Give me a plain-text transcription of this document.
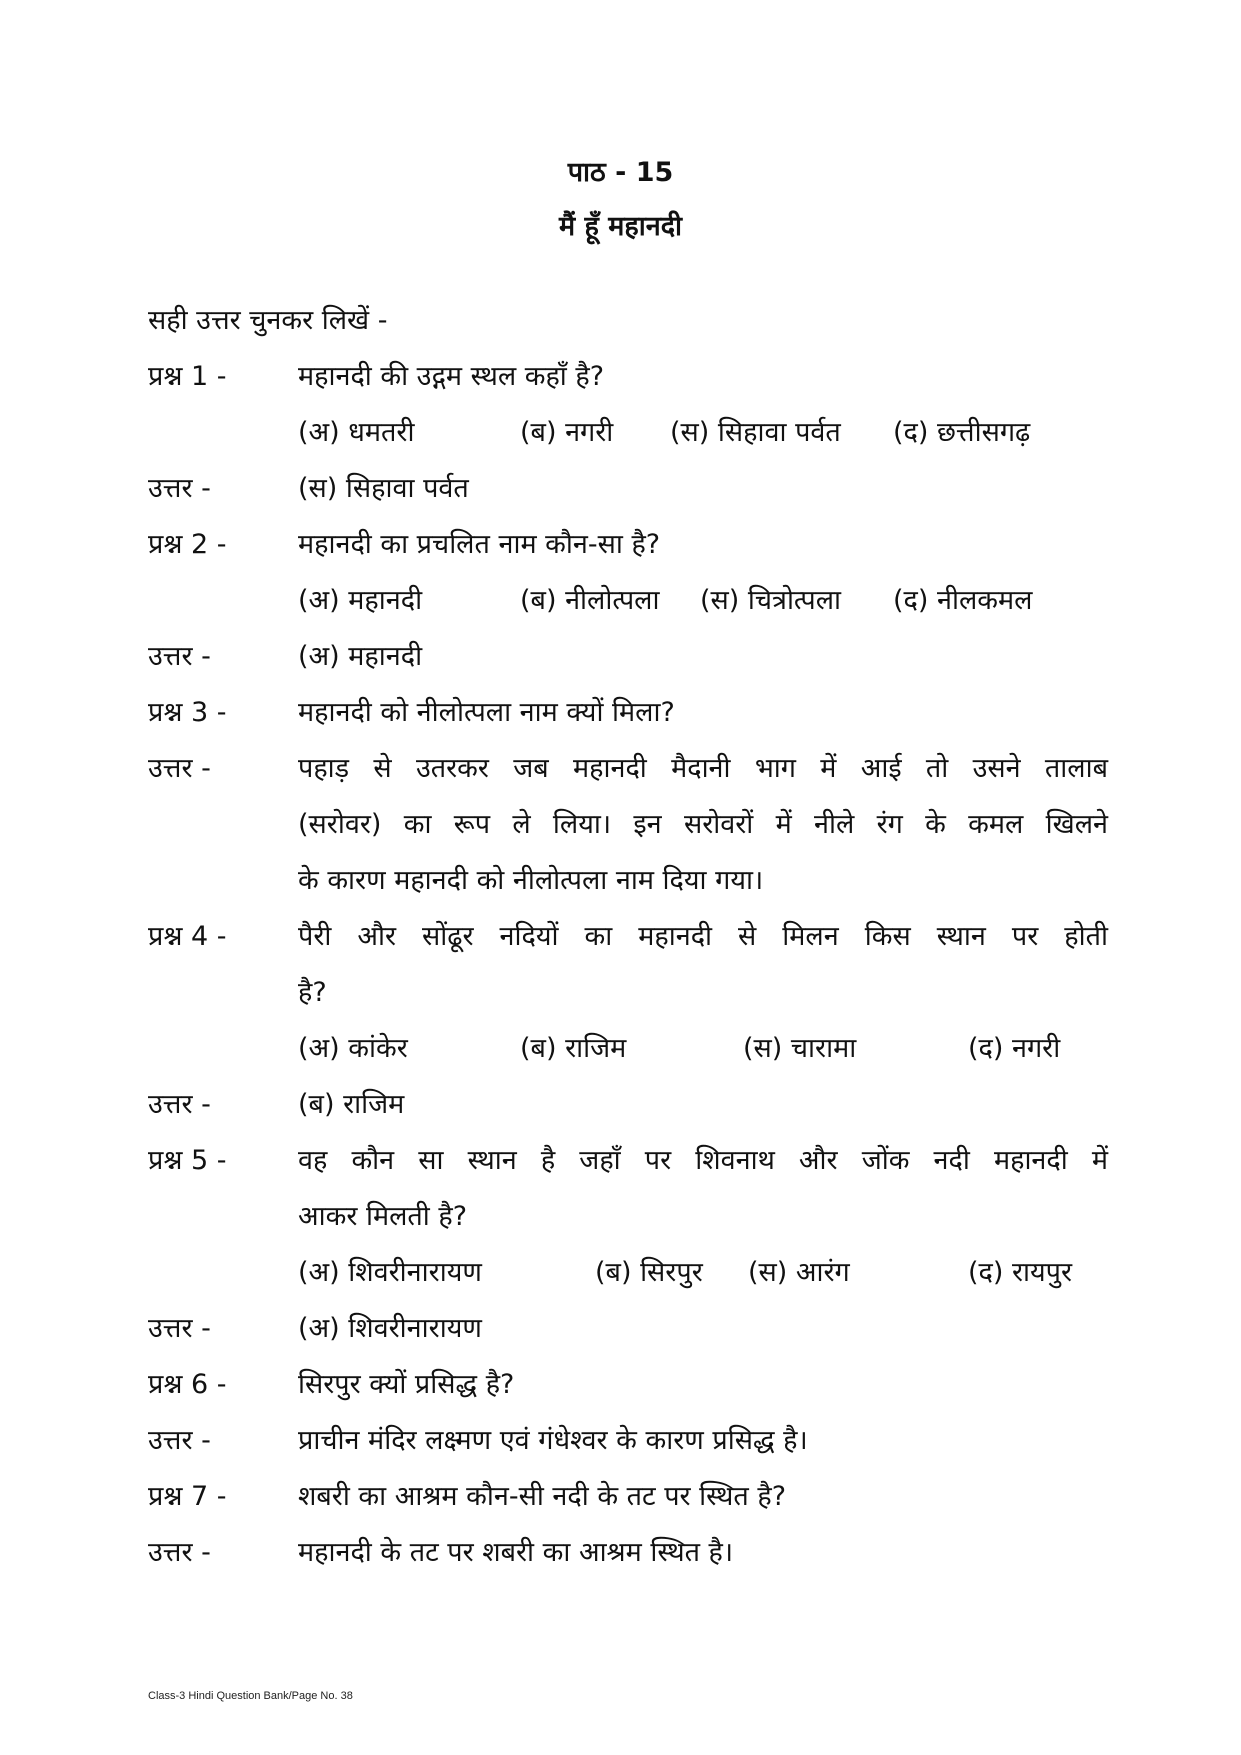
पाठ - 15
मैं हूँ महानदी
सही उत्तर चुनकर लिखें -
प्रश्न 1 -	महानदी की उद्गम स्थल कहाँ है?
(अ) धमतरी	(ब) नगरी (स) सिहावा पर्वत (द) छत्तीसगढ़
उत्तर -	(स) सिहावा पर्वत
प्रश्न 2 -	महानदी का प्रचलित नाम कौन-सा है?
(अ) महानदी	(ब) नीलोत्पला (स) चित्रोत्पला (द) नीलकमल
उत्तर -	(अ) महानदी
प्रश्न 3 -	महानदी को नीलोत्पला नाम क्यों मिला?
उत्तर -	पहाड़ से उतरकर जब महानदी मैदानी भाग में आई तो उसने तालाब
(सरोवर) का रूप ले लिया। इन सरोवरों में नीले रंग के कमल खिलने
के कारण महानदी को नीलोत्पला नाम दिया गया।
प्रश्न 4 -	पैरी और सोंढूर नदियों का महानदी से मिलन किस स्थान पर होती
है?
(अ) कांकेर	(ब) राजिम	(स) चारामा	(द) नगरी
उत्तर -	(ब) राजिम
प्रश्न 5 -	वह कौन सा स्थान है जहाँ पर शिवनाथ और जोंक नदी महानदी में
आकर मिलती है?
(अ) शिवरीनारायण	(ब) सिरपुर (स) आरंग	(द) रायपुर
उत्तर -	(अ) शिवरीनारायण
प्रश्न 6 -	सिरपुर क्यों प्रसिद्ध है?
उत्तर -	प्राचीन मंदिर लक्ष्मण एवं गंधेश्वर के कारण प्रसिद्ध है।
प्रश्न 7 -	शबरी का आश्रम कौन-सी नदी के तट पर स्थित है?
उत्तर -	महानदी के तट पर शबरी का आश्रम स्थित है।
Class-3 Hindi Question Bank/Page No. 38
